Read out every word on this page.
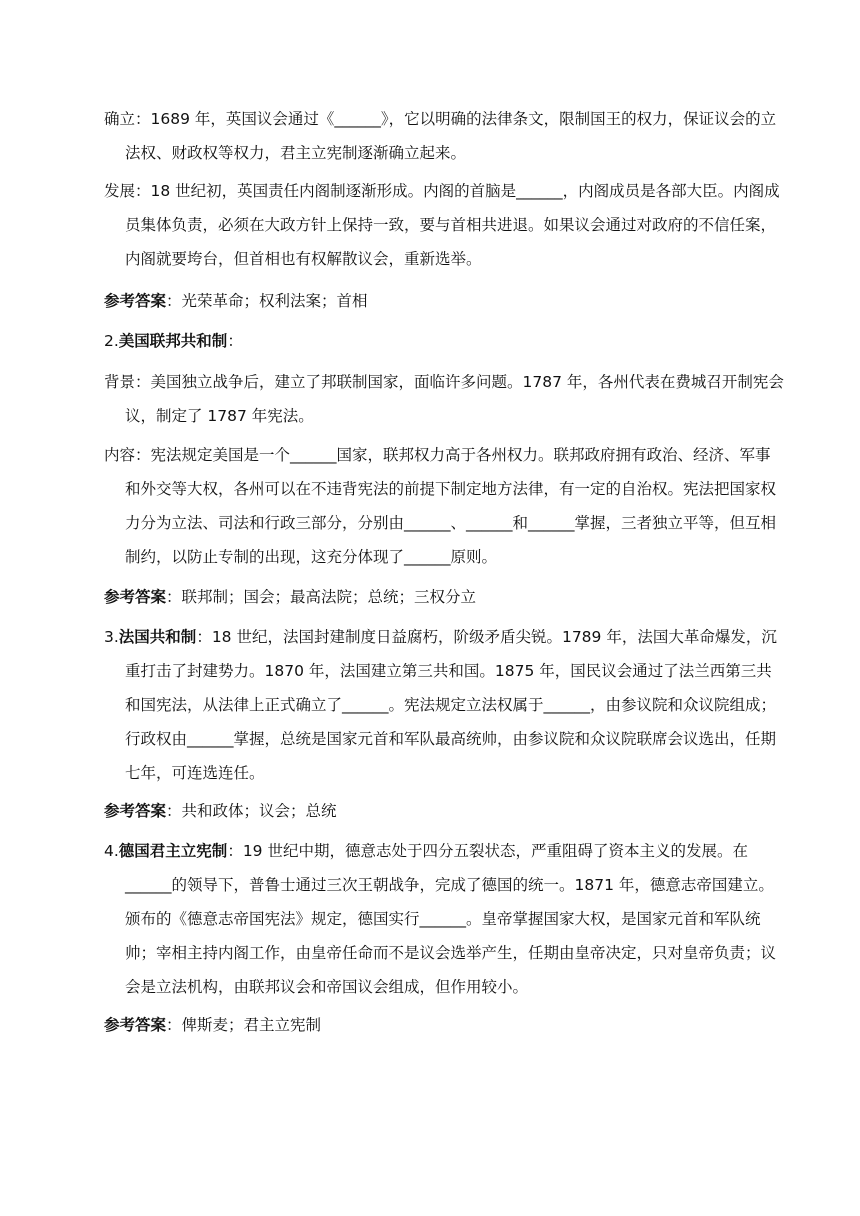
确立：1689 年，英国议会通过《______》，它以明确的法律条文，限制国王的权力，保证议会的立法权、财政权等权力，君主立宪制逐渐确立起来。

发展：18 世纪初，英国责任内阁制逐渐形成。内阁的首脑是______，内阁成员是各部大臣。内阁成员集体负责，必须在大政方针上保持一致，要与首相共进退。如果议会通过对政府的不信任案，内阁就要垮台，但首相也有权解散议会，重新选举。

参考答案：光荣革命；权利法案；首相

2.美国联邦共和制：

背景：美国独立战争后，建立了邦联制国家，面临许多问题。1787 年，各州代表在费城召开制宪会议，制定了 1787 年宪法。

内容：宪法规定美国是一个______国家，联邦权力高于各州权力。联邦政府拥有政治、经济、军事和外交等大权，各州可以在不违背宪法的前提下制定地方法律，有一定的自治权。宪法把国家权力分为立法、司法和行政三部分，分别由______、______和______掌握，三者独立平等，但互相制约，以防止专制的出现，这充分体现了______原则。

参考答案：联邦制；国会；最高法院；总统；三权分立

3.法国共和制：18 世纪，法国封建制度日益腐朽，阶级矛盾尖锐。1789 年，法国大革命爆发，沉重打击了封建势力。1870 年，法国建立第三共和国。1875 年，国民议会通过了法兰西第三共和国宪法，从法律上正式确立了______。宪法规定立法权属于______，由参议院和众议院组成；行政权由______掌握，总统是国家元首和军队最高统帅，由参议院和众议院联席会议选出，任期七年，可连选连任。

参考答案：共和政体；议会；总统

4.德国君主立宪制：19 世纪中期，德意志处于四分五裂状态，严重阻碍了资本主义的发展。在______的领导下，普鲁士通过三次王朝战争，完成了德国的统一。1871 年，德意志帝国建立。颁布的《德意志帝国宪法》规定，德国实行______。皇帝掌握国家大权，是国家元首和军队统帅；宰相主持内阁工作，由皇帝任命而不是议会选举产生，任期由皇帝决定，只对皇帝负责；议会是立法机构，由联邦议会和帝国议会组成，但作用较小。

参考答案：俾斯麦；君主立宪制
